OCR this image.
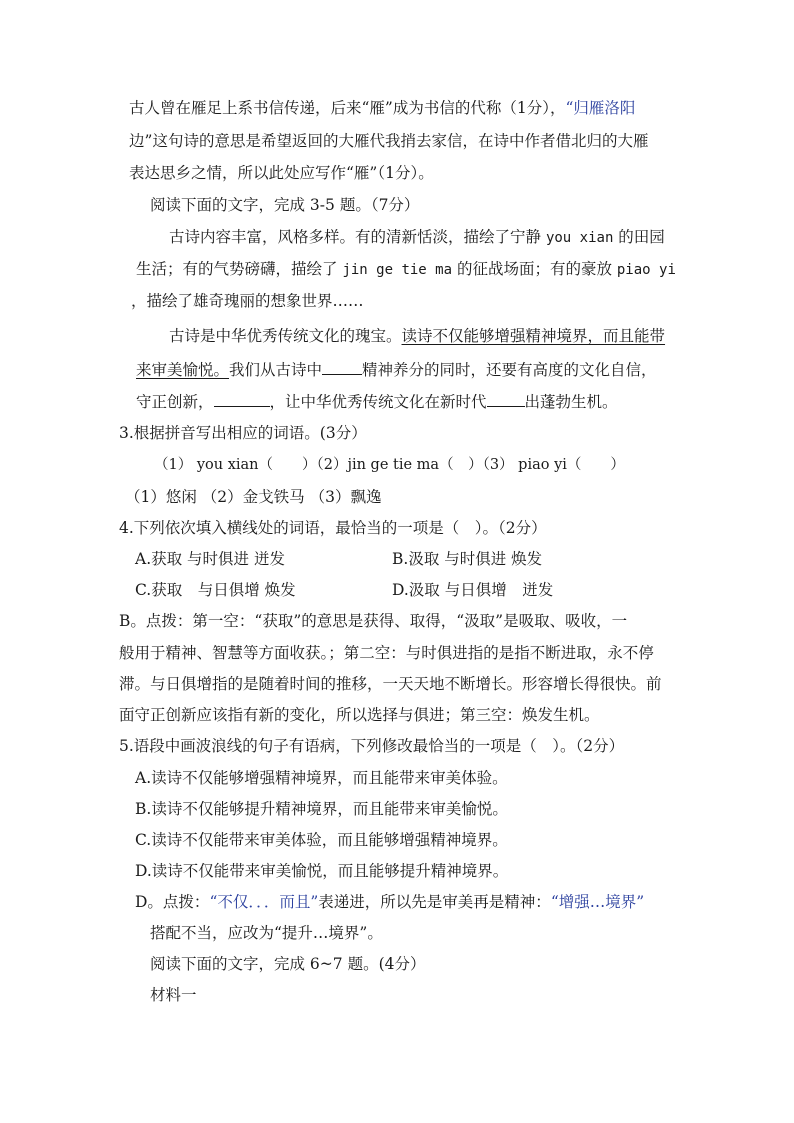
古人曾在雁足上系书信传递，后来“雁”成为书信的代称（1分），“归雁洛阳
边”这句诗的意思是希望返回的大雁代我捎去家信，在诗中作者借北归的大雁
表达思乡之情，所以此处应写作“雁”（1分）。
阅读下面的文字，完成 3-5 题。（7分）
古诗内容丰富，风格多样。有的清新恬淡，描绘了宁静 you xian 的田园
生活；有的气势磅礴，描绘了 jin ge tie ma 的征战场面；有的豪放 piao yi
，描绘了雄奇瑰丽的想象世界……
古诗是中华优秀传统文化的瑰宝。读诗不仅能够增强精神境界，而且能带
来审美愉悦。我们从古诗中	精神养分的同时，还要有高度的文化自信，
守正创新，	，让中华优秀传统文化在新时代 出蓬勃生机。
3.根据拼音写出相应的词语。(3分）
（1） you xian（　　）（2）jin ge tie ma（　）（3） piao yi（　　）
（1）悠闲 （2）金戈铁马 （3）飘逸
4.下列依次填入横线处的词语，最恰当的一项是（　）。（2分）
A.获取 与时俱进 迸发	B.汲取 与时俱进 焕发
C.获取　与日俱增 焕发	D.汲取 与日俱增　迸发
B。点拨：第一空：“获取”的意思是获得、取得，“汲取”是吸取、吸收，一
般用于精神、智慧等方面收获。；第二空：与时俱进指的是指不断进取，永不停
滞。与日俱增指的是随着时间的推移，一天天地不断增长。形容增长得很快。前
面守正创新应该指有新的变化，所以选择与俱进；第三空：焕发生机。
5.语段中画波浪线的句子有语病，下列修改最恰当的一项是（　）。（2分）
A.读诗不仅能够增强精神境界，而且能带来审美体验。
B.读诗不仅能够提升精神境界，而且能带来审美愉悦。
C.读诗不仅能带来审美体验，而且能够增强精神境界。
D.读诗不仅能带来审美愉悦，而且能够提升精神境界。
D。点拨：“不仅．．．而且”表递进，所以先是审美再是精神：“增强…境界”
搭配不当，应改为“提升…境界”。
阅读下面的文字，完成 6~7 题。(4分）
材料一
